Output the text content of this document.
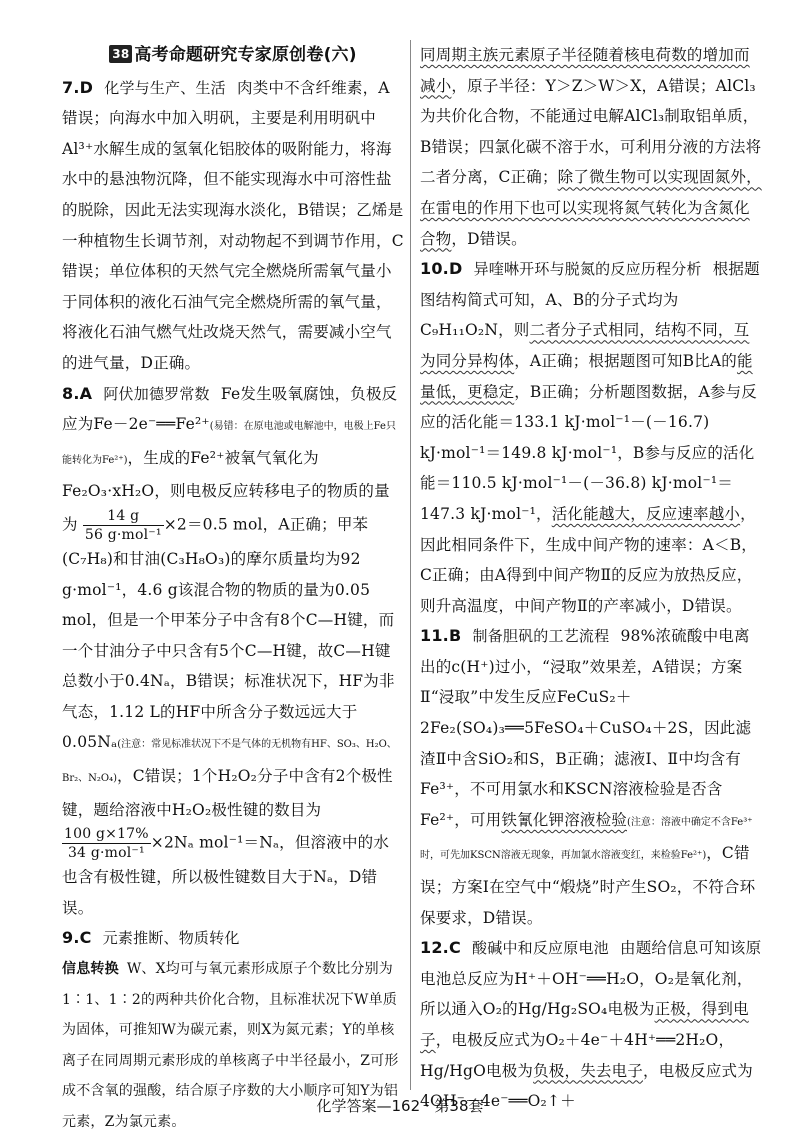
38 高考命题研究专家原创卷(六)

7.D 化学与生产、生活 肉类中不含纤维素，A错误；向海水中加入明矾，主要是利用明矾中Al³⁺水解生成的氢氧化铝胶体的吸附能力，将海水中的悬浊物沉降，但不能实现海水中可溶性盐的脱除，因此无法实现海水淡化，B错误；乙烯是一种植物生长调节剂，对动物起不到调节作用，C错误；单位体积的天然气完全燃烧所需氧气量小于同体积的液化石油气完全燃烧所需的氧气量，将液化石油气燃气灶改烧天然气，需要减小空气的进气量，D正确。

8.A 阿伏加德罗常数 Fe发生吸氧腐蚀，负极反应为Fe－2e⁻══Fe²⁺(易错：在原电池或电解池中，电极上Fe只能转化为Fe²⁺)，生成的Fe²⁺被氧气氧化为Fe₂O₃·xH₂O，则电极反应转移电子的物质的量为 $\frac{14 g}{\text{56 g·mol⁻¹}} \times 2=0.5$ mol，A正确；甲苯(C₇H₈)和甘油(C₃H₈O₃)的摩尔质量均为92 g·mol⁻¹，4.6 g该混合物的物质的量为0.05 mol，但是一个甲苯分子中含有8个C—H键，而一个甘油分子中只含有5个C—H键，故C—H键总数小于0.4Nₐ，B错误；标准状况下，HF为非气态，1.12 L的HF中所含分子数远远大于0.05Nₐ(注意：常见标准状况下不是气体的无机物有HF、SO₃、H₂O、Br₂、N₂O₄)，C错误；1个H₂O₂分子中含有2个极性键，题给溶液中H₂O₂极性键的数目为
$\frac{100 g\times 17\%}{\text{34 g·mol⁻¹}} \times 2N_a$ mol⁻¹＝Nₐ，但溶液中的水也含有极性键，所以极性键数目大于Nₐ，D错误。

9.C 元素推断、物质转化

信息转换 W、X均可与氧元素形成原子个数比分别为1∶1、1∶2的两种共价化合物，且标准状况下W单质为固体，可推知W为碳元素，则X为氮元素；Y的单核离子在同周期元素形成的单核离子中半径最小，Z可形成不含氧的强酸，结合原子序数的大小顺序可知Y为铝元素，Z为氯元素。

同周期主族元素原子半径随着核电荷数的增加而减小，原子半径：Y＞Z＞W＞X，A错误；AlCl₃为共价化合物，不能通过电解AlCl₃制取铝单质，B错误；四氯化碳不溶于水，可利用分液的方法将二者分离，C正确；除了微生物可以实现固氮外，在雷电的作用下也可以实现将氮气转化为含氮化合物，D错误。

10.D 异喹啉开环与脱氮的反应历程分析 根据题图结构简式可知，A、B的分子式均为C₉H₁₁O₂N，则二者分子式相同，结构不同，互为同分异构体，A正确；根据题图可知B比A的能量低，更稳定，B正确；分析题图数据，A参与反应的活化能＝133.1 kJ·mol⁻¹－(－16.7) kJ·mol⁻¹＝149.8 kJ·mol⁻¹，B参与反应的活化能＝110.5 kJ·mol⁻¹－(－36.8) kJ·mol⁻¹＝147.3 kJ·mol⁻¹，活化能越大，反应速率越小，因此相同条件下，生成中间产物的速率：A＜B，C正确；由A得到中间产物Ⅱ的反应为放热反应，则升高温度，中间产物Ⅱ的产率减小，D错误。

11.B 制备胆矾的工艺流程 98%浓硫酸中电离出的c(H⁺)过小，“浸取”效果差，A错误；方案Ⅱ“浸取”中发生反应FeCuS₂＋2Fe₂(SO₄)₃══5FeSO₄＋CuSO₄＋2S，因此滤渣Ⅱ中含SiO₂和S，B正确；滤液Ⅰ、Ⅱ中均含有Fe³⁺，不可用氯水和KSCN溶液检验是否含Fe²⁺，可用铁氰化钾溶液检验(注意：溶液中确定不含Fe³⁺时，可先加KSCN溶液无现象，再加氯水溶液变红，来检验Fe²⁺)，C错误；方案Ⅰ在空气中“煅烧”时产生SO₂，不符合环保要求，D错误。

12.C 酸碱中和反应原电池 由题给信息可知该原电池总反应为H⁺＋OH⁻══H₂O，O₂是氧化剂，所以通入O₂的Hg/Hg₂SO₄电极为正极，得到电子，电极反应式为O₂＋4e⁻＋4H⁺══2H₂O，Hg/HgO电极为负极，失去电子，电极反应式为4OH⁻－4e⁻══O₂↑＋

化学答案—162 · 第38套
